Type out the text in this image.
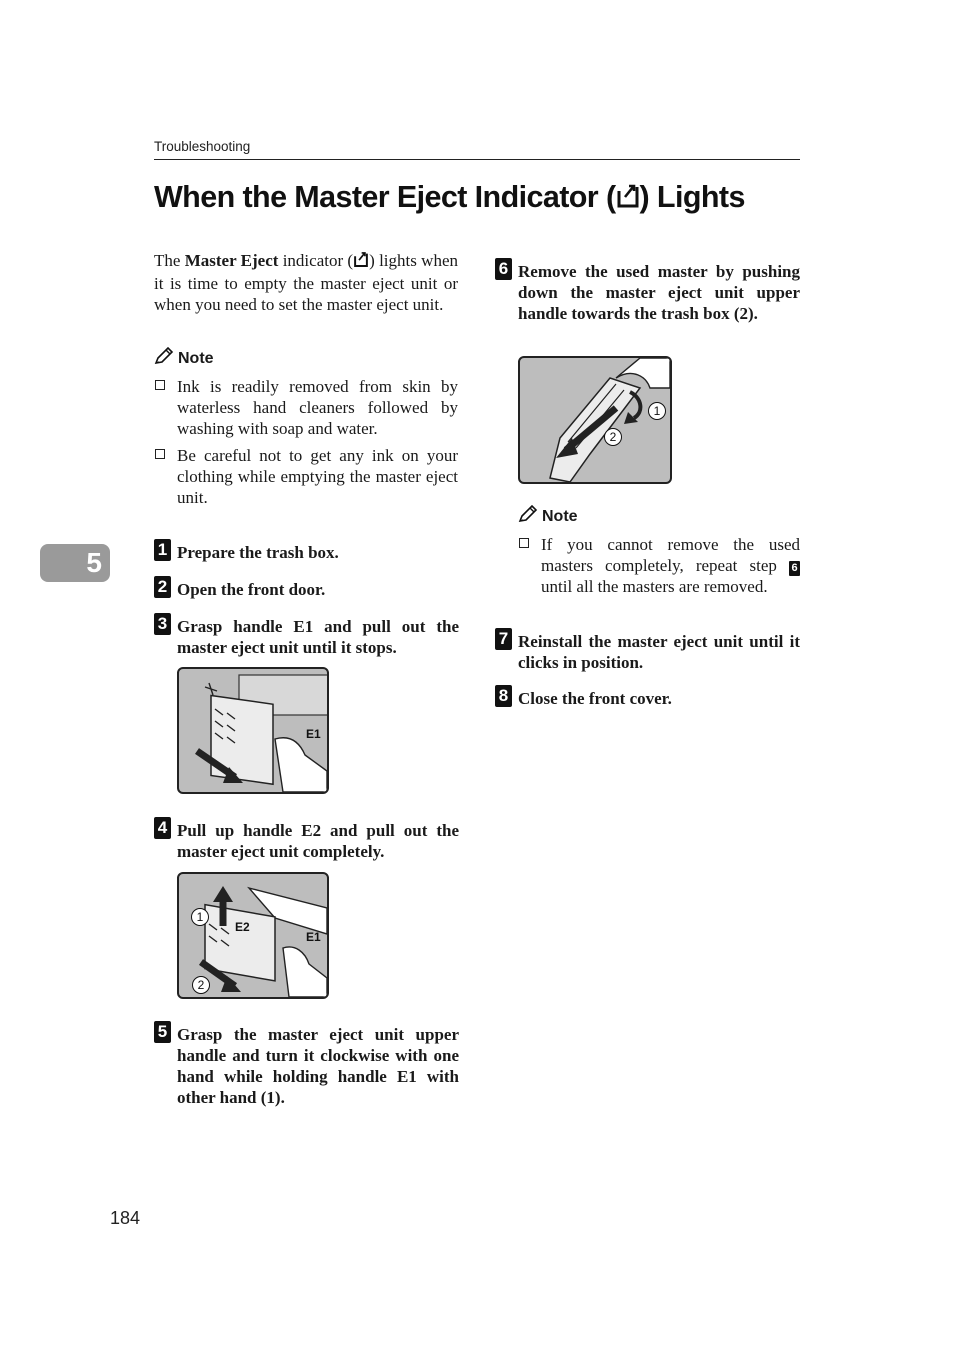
Troubleshooting
When the Master Eject Indicator ( ) Lights
The Master Eject indicator ( ) lights when it is time to empty the master eject unit or when you need to set the master eject unit.
Note
Ink is readily removed from skin by waterless hand cleaners followed by washing with soap and water.
Be careful not to get any ink on your clothing while emptying the master eject unit.
5	1 Prepare the trash box.
2 Open the front door.
3 Grasp handle E1 and pull out the master eject unit until it stops.
E1
4 Pull up handle E2 and pull out the master eject unit completely.
1
E2
E1
2
5 Grasp the master eject unit upper handle and turn it clockwise with one hand while holding handle E1 with other hand (1).
6 Remove the used master by pushing down the master eject unit upper handle towards the trash box (2).
1
2
Note
If you cannot remove the used masters completely, repeat step 6 until all the masters are removed.
7 Reinstall the master eject unit until it clicks in position.
8 Close the front cover.
184
